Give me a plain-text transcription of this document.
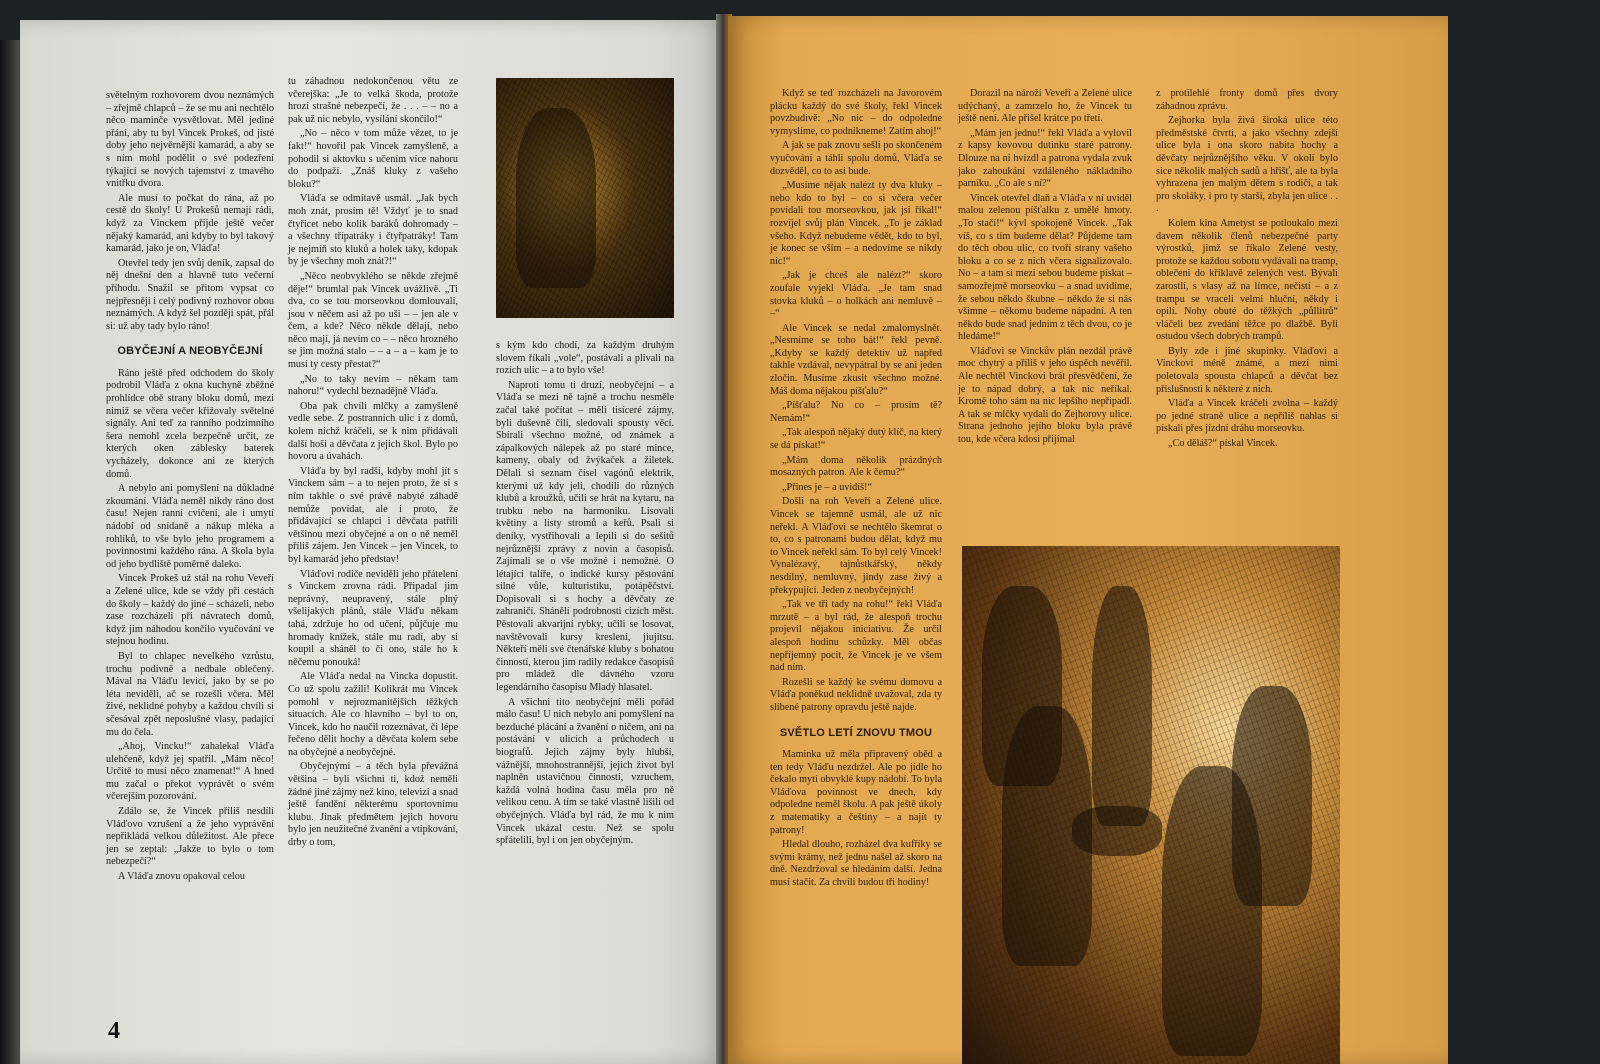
světelným rozhovorem dvou neznámých – zřejmě chlapců – že se mu ani nechtělo něco maminče vysvětlovat. Měl jediné přání, aby tu byl Vincek Prokeš, od jisté doby jeho nejvěrnější kamarád, a aby se s ním mohl podělit o své podezření týkající se nových tajemství z tmavého vnitřku dvora.

Ale musí to počkat do rána, až po cestě do školy! U Prokešů nemají rádi, když za Vinckem přijde ještě večer nějaký kamarád, ani kdyby to byl takový kamarád, jako je on, Vláďa!

Otevřel tedy jen svůj deník, zapsal do něj dnešní den a hlavně tuto večerní příhodu. Snažil se přitom vypsat co nejpřesněji i celý podivný rozhovor obou neznámých. A když šel později spát, přál si: už aby tady bylo ráno!

OBYČEJNÍ A NEOBYČEJNÍ

Ráno ještě před odchodem do školy podrobil Vláďa z okna kuchyně zběžné prohlídce obě strany bloku domů, mezi nimiž se včera večer křižovaly světelné signály. Ani teď za ranního podzimního šera nemohl zcela bezpečně určit, ze kterých oken záblesky baterek vycházely, dokonce ani ze kterých domů.

A nebylo ani pomyšlení na důkladné zkoumání. Vláďa neměl nikdy ráno dost času! Nejen ranní cvičení, ale i umytí nádobí od snídaně a nákup mléka a rohlíků, to vše bylo jeho programem a povinnostmi každého rána. A škola byla od jeho bydliště poměrně daleko.

Vincek Prokeš už stál na rohu Veveří a Zelené ulice, kde se vždy při cestách do školy – každý do jiné – scházeli, nebo zase rozcházeli při návratech domů, když jim náhodou končilo vyučování ve stejnou hodinu.

Byl to chlapec nevelkého vzrůstu, trochu podivně a nedbale oblečený. Mával na Vláďu levicí, jako by se po léta neviděli, ač se rozešli včera. Měl živé, neklidné pohyby a každou chvíli si sčesával zpět neposlušné vlasy, padající mu do čela.

„Ahoj, Vincku!“ zahalekal Vláďa ulehčeně, když jej spatřil. „Mám něco! Určitě to musí něco znamenat!“ A hned mu začal o překot vyprávět o svém včerejším pozorování.

Zdálo se, že Vincek příliš nesdílí Vláďovo vzrušení a že jeho vyprávění nepřikládá velkou důležitost. Ale přece jen se zeptal: „Jakže to bylo o tom nebezpečí?“

A Vláďa znovu opakoval celou

tu záhadnou nedokončenou větu ze včerejška: „Je to velká škoda, protože hrozí strašné nebezpečí, že . . . – – no a pak už nic nebylo, vysílání skončilo!“

„No – něco v tom může vězet, to je fakt!“ hovořil pak Vincek zamyšleně, a pohodil si aktovku s učením více nahoru do podpaží. „Znáš kluky z vašeho bloku?“

Vláďa se odmítavě usmál. „Jak bych moh znát, prosím tě! Vždyť je to snad čtyřicet nebo kolik baráků dohromady – a všechny třípatráky i čtyřpatráky! Tam je nejmíň sto kluků a holek taky, kdopak by je všechny moh znát?!“

„Něco neobvyklého se někde zřejmě děje!“ brumlal pak Vincek uvážlivě. „Ti dva, co se tou morseovkou domlouvali, jsou v něčem asi až po uši – – jen ale v čem, a kde? Něco někde dělají, nebo něco mají, já nevím co – – něco hrozného se jim možná stalo – – a – a – kam je to musí ty cesty přestat?“

„No to taky nevím – někam tam nahoru!“ vydechl beznadějně Vláďa.

Oba pak chvíli mlčky a zamyšleně vedle sebe. Z postranních ulic i z domů, kolem nichž kráčeli, se k nim přidávali další hoši a děvčata z jejich škol. Bylo po hovoru a úvahách.

Vláďa by byl radši, kdyby mohl jít s Vinckem sám – a to nejen proto, že si s ním takhle o své právě nabyté záhadě nemůže povídat, ale i proto, že přidávající se chlapci i děvčata patřili většinou mezi obyčejné a on o ně neměl příliš zájem. Jen Vincek – jen Vincek, to byl kamarád jeho představ!

Vláďovi rodiče neviděli jeho přátelení s Vinckem zrovna rádi. Připadal jim neprávný, neupravený, stále plný všelijakých plánů, stále Vláďu někam tahá, zdržuje ho od učení, půjčuje mu hromady knížek, stále mu radí, aby si koupil a sháněl to či ono, stále ho k něčemu ponouká!

Ale Vláďa nedal na Vincka dopustit. Co už spolu zažili! Kolikrát mu Vincek pomohl v nejrozmanitějších těžkých situacích. Ale co hlavního – byl to on, Vincek, kdo ho naučil rozeznávat, či lépe řečeno dělit hochy a děvčata kolem sebe na obyčejné a neobyčejné.

Obyčejnými – a těch byla převážná většina – byli všichni ti, kdož neměli žádné jiné zájmy než kino, televizi a snad ještě fandění některému sportovnímu klubu. Jinak předmětem jejich hovoru bylo jen neužitečné žvanění a vtipkování, drby o tom,

s kým kdo chodí, za každým druhým slovem říkali „vole“, postávali a plivali na rozích ulic – a to bylo vše!

Naproti tomu ti druzí, neobyčejní – a Vláďa se mezi ně tajně a trochu nesměle začal také počítat – měli tisíceré zájmy, byli duševně čilí, sledovali spousty věcí. Sbírali všechno možné, od známek a zápalkových nálepek až po staré mince, kameny, obaly od žvýkaček a žiletek. Dělali si seznam čísel vagónů elektrik, kterými už kdy jeli, chodili do různých klubů a kroužků, učili se hrát na kytaru, na trubku nebo na harmoniku. Lisovali květiny a listy stromů a keřů. Psali si deníky, vystřihovali a lepili si do sešitů nejrůznější zprávy z novin a časopisů. Zajímali se o vše možné i nemožné. O létající talíře, o indické kursy pěstování silné vůle, kulturistiku, potápěčství. Dopisovali si s hochy a děvčaty ze zahraničí. Shánělí podrobnosti cizích měst. Pěstovali akvarijní rybky, učili se losovat, navštěvovali kursy kreslení, jiujitsu. Někteří měli své čtenářské kluby s bohatou činností, kterou jim radily redakce časopisů pro mládež dle dávného vzoru legendárního časopisu Mladý hlasatel.

A všichni tito neobyčejní měli pořád málo času! U nich nebylo ani pomyšlení na bezduché plácání a žvanění o ničem, ani na postávání v ulicích a průchodech u biografů. Jejich zájmy byly hlubší, vážnější, mnohostrannější, jejich život byl naplněn ustavičnou činností, vzruchem, každá volná hodina času měla pro ně velikou cenu. A tím se také vlastně lišili od obyčejných. Vláďa byl rád, že mu k nim Vincek ukázal cestu. Než se spolu spřátelili, byl i on jen obyčejným.

4

Když se teď rozcházeli na Javorovém plácku každý do své školy, řekl Vincek povzbudivě: „No nic – do odpoledne vymyslíme, co podnikneme! Zatím ahoj!“

A jak se pak znovu sešli po skončeném vyučování a táhli spolu domů, Vláďa se dozvěděl, co to asi bude.

„Musíme nějak nalézt ty dva kluky – nebo kdo to byl – co si včera večer povídali tou morseovkou, jak jsi říkal!“ rozvíjel svůj plán Vincek. „To je základ všeho. Když nebudeme vědět, kdo to byl, je konec se vším – a nedovíme se nikdy nic!“

„Jak je chceš ale nalézt?“ skoro zoufale vyjekl Vláďa. „Je tam snad stovka kluků – o holkách ani nemluvě – –“

Ale Vincek se nedal zmalomyslnět. „Nesmíme se toho bát!“ řekl pevně. „Kdyby se každý detektiv už napřed takhle vzdával, nevypátral by se ani jeden zločin. Musíme zkusit všechno možné. Máš doma nějakou píšťalu?“

„Píšťalu? No co – prosím tě? Nemám!“

„Tak alespoň nějaký dutý klíč, na který se dá pískat!“

„Mám doma několik prázdných mosazných patron. Ale k čemu?“

„Přines je – a uvidíš!“

Došli na roh Veveří a Zelené ulice. Vincek se tajemně usmál, ale už nic neřekl. A Vláďovi se nechtělo škemrat o to, co s patronami budou dělat, když mu to Vincek neřekl sám. To byl celý Vincek! Vynalézavý, tajnůstkářský, někdy nesdílný, nemluvný, jindy zase živý a překypující. Jeden z neobyčejných!

„Tak ve tři tady na rohu!“ řekl Vláďa mrzutě – a byl rád, že alespoň trochu projevil nějakou iniciativu. Že určil alespoň hodinu schůzky. Měl občas nepříjemný pocit, že Vincek je ve všem nad ním.

Rozešli se každý ke svému domovu a Vláďa poněkud neklidně uvažoval, zda ty slíbené patrony opravdu ještě najde.

SVĚTLO LETÍ ZNOVU TMOU

Maminka už měla připravený oběd a ten tedy Vláďu nezdržel. Ale po jídle ho čekalo mytí obvyklé kupy nádobí. To byla Vláďova povinnost ve dnech, kdy odpoledne neměl školu. A pak ještě úkoly z matematiky a češtiny – a najít ty patrony!

Hledal dlouho, rozházel dva kufříky se svými krámy, než jednu našel až skoro na dně. Nezdržoval se hledáním další. Jedna musí stačit. Za chvíli budou tři hodiny!

Dorazil na nároží Veveří a Zelené ulice udýchaný, a zamrzelo ho, že Vincek tu ještě není. Ale přišel krátce po třetí.

„Mám jen jednu!“ řekl Vláďa a vylovil z kapsy kovovou dutinku staré patrony. Dlouze na ni hvízdl a patrona vydala zvuk jako zahoukání vzdáleného nákladního parníku. „Co ale s ní?“

Vincek otevřel dlaň a Vláďa v ní uviděl malou zelenou píšťalku z umělé hmoty. „To stačí!“ kývl spokojeně Vincek. „Tak víš, co s tím budeme dělat? Půjdeme tam do těch obou ulic, co tvoří strany vašeho bloku a co se z nich včera signalizovalo. No – a tam si mezi sebou budeme pískat – samozřejmě morseovku – a snad uvidíme, že sebou někdo škubne – někdo že si nás všimne – někomu budeme nápadní. A ten někdo bude snad jedním z těch dvou, co je hledáme!“

Vláďovi se Vinckův plán nezdál právě moc chytrý a příliš v jeho úspěch nevěřil. Ale nechtěl Vinckovi brát přesvědčení, že je to nápad dobrý, a tak nic neříkal. Kromě toho sám na nic lepšího nepřipadl. A tak se mlčky vydali do Zejhorovy ulice. Strana jednoho jejího bloku byla právě tou, kde včera kdosi přijímal

z protilehlé fronty domů přes dvory záhadnou zprávu.

Zejhorka byla živá široká ulice této předměstské čtvrti, a jako všechny zdejší ulice byla i ona skoro nabita hochy a děvčaty nejrůznějšího věku. V okolí bylo sice několik malých sadů a hřišť, ale ta byla vyhrazena jen malým dětem s rodiči, a tak pro skoláky, i pro ty starší, zbyla jen ulice . . .

Kolem kina Ametyst se potloukalo mezi davem několik členů nebezpečné party výrostků, jimž se říkalo Zelené vesty, protože se každou sobotu vydávali na tramp, oblečeni do křiklavě zelených vest. Bývali zarostlí, s vlasy až na límce, nečistí – a z trampu se vraceli velmi hluční, někdy i opilí. Nohy obuté do těžkých „půllitrů“ vláčeli bez zvedání těžce po dlažbě. Byli ostudou všech dobrých trampů.

Byly zde i jiné skupinky. Vláďovi a Vinckovi méně známé, a mezi nimi poletovala spousta chlapců a děvčat bez příslušnosti k některé z nich.

Vláďa a Vincek kráčeli zvolna – každý po jedné straně ulice a nepříliš nahlas si pískali přes jízdní dráhu morseovku.

„Co děláš?“ pískal Vincek.
